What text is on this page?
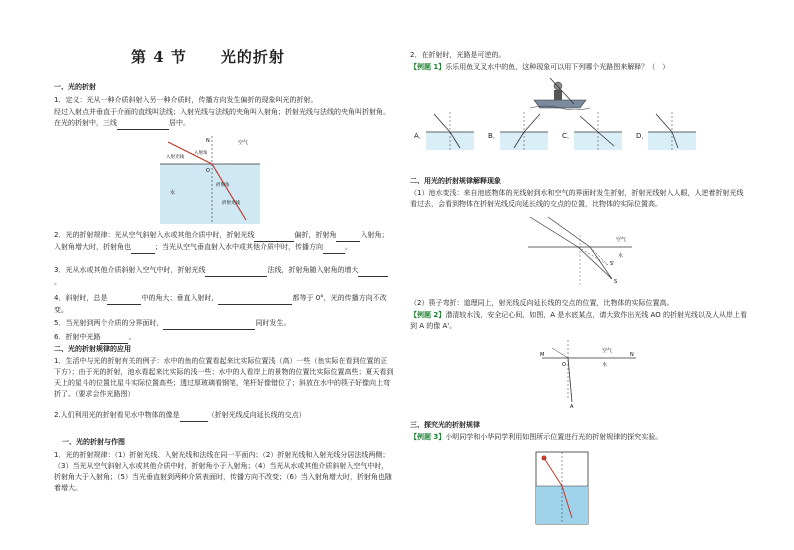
第 4 节 光的折射
一、光的折射
1．定义：光从一种介质斜射入另一种介质时，传播方向发生偏折的现象叫光的折射。
经过入射点并垂直于介面的直线叫法线；入射光线与法线的夹角叫入射角；折射光线与法线的夹角叫折射角。在光的折射中，三线	居中。
N	空气
水
入射光线
入射角
折射角
折射光线
O
2．光的折射规律：光从空气斜射入水或其他介质中时，折射光线	偏折，折射角	入射角；入射角增大时，折射角也	；当光从空气垂直射入水中或其他介质中时，传播方向	。
3．光从水或其他介质斜射入空气中时，折射光线	法线，折射角随入射角的增大 。
4．斜射时，总是	中的角大；垂直入射时，	都等于 0°，光的传播方向不改变。
5．当光射到两个介质的分界面时，	同时发生。
6．折射中光路	。
二、光的折射规律的应用
1．生活中与光的折射有关的例子：水中的鱼的位置看起来比实际位置浅（高）一些（鱼实际在看到位置的正下方）；由于光的折射，池水看起来比实际的浅一些；水中的人看岸上的景物的位置比实际位置高些；夏天看到天上的星斗的位置比星斗实际位置高些；透过厚玻璃看钢笔，笔杆好像错位了；斜放在水中的筷子好像向上弯折了。（要求会作光路图）
2.人们利用光的折射看见水中物体的像是	（折射光线反向延长线的交点）
一、光的折射与作图
1．光的折射规律：（1）折射光线、入射光线和法线在同一平面内；（2）折射光线和入射光线分居法线两侧；（3）当光从空气斜射入水或其他介质中时，折射角小于入射角；（4）当光从水或其他介质斜射入空气中时，折射角大于入射角；（5）当光垂直射到两种介质表面时，传播方向不改变；（6）当入射角增大时，折射角也随着增大。
2．在折射时，光路是可逆的。
【例题 1】乐乐用鱼叉叉水中的鱼，这种现象可以用下列哪个光路图来解释？（　）
A．	B．	C．	D．
二、用光的折射规律解释现象
（1）池水变浅：来自池底物体的光线射到水和空气的界面时发生折射，折射光线射入人眼，人逆着折射光线看过去，会看到物体在折射光线反向延长线的交点的位置，比物体的实际位置高。
空气
水
S'
S
（2）筷子弯折：道理同上，射光线反向延长线的交点的位置，比物体的实际位置高。
【例题 2】潜清较水浅，安全记心间，如图，A 是水底某点，请大致作出光线 AO 的折射光线以及人从岸上看到 A 的像 A'。
M	N
O
空气
水
A
三、探究光的折射规律
【例题 3】小明同学和小华同学利用如图所示位置进行光的折射规律的探究实验。
